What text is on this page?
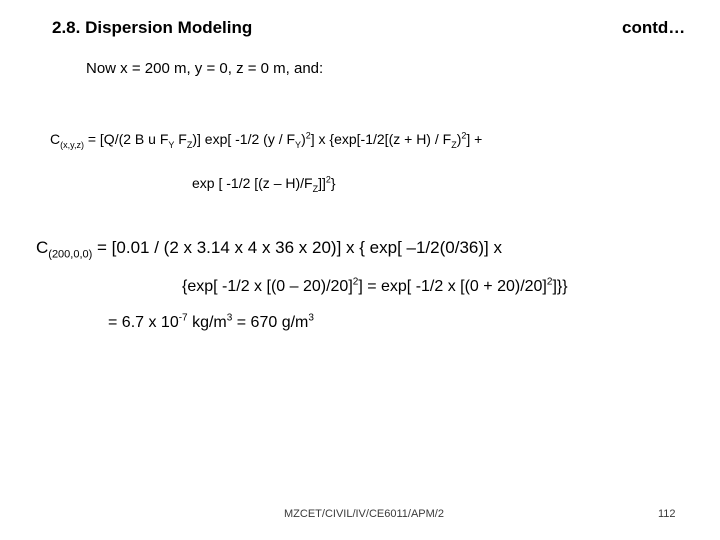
2.8. Dispersion Modeling	contd…
Now x = 200 m, y = 0, z = 0 m, and:
$C_{(x,y,z)} = [Q/(2$ B u $F_Y$ $F_Z$)] exp[ -1/2 $(y / F_Y)^2$] x {$\exp[-1/2[(z + H) / F_Z)^2]$ +
exp [ -1/2 $[(z - H)/F_Z]]^2$}
$C_{(200,0,0)} = [0.01 / (2$ x 3.14 x 4 x 36 x 20)] x { exp[ –1/2(0/36)] x
{exp[ -1/2 x [(0 – 20)/20]$^2$] = exp[ -1/2 x $[(0 + 20)/20]^2$]}}
= 6.7 x $10^{-7}$ $kg/m^3 = 670$ $g/m^3$
MZCET/CIVIL/IV/CE6011/APM/2	112
